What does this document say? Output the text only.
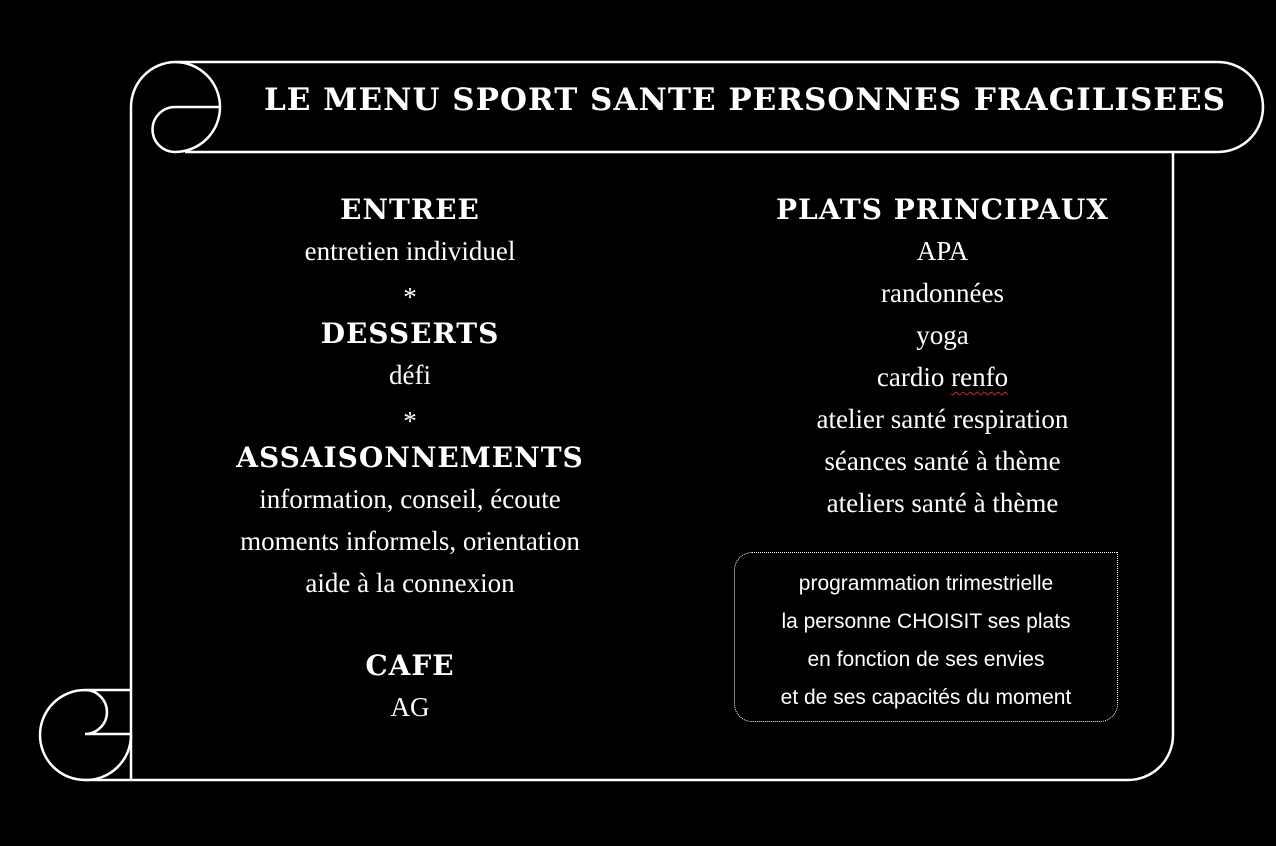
LE MENU SPORT SANTE PERSONNES FRAGILISEES
ENTREE
entretien individuel
*
DESSERTS
défi
*
ASSAISONNEMENTS
information, conseil, écoute
moments informels, orientation
aide à la connexion
CAFE
AG
PLATS PRINCIPAUX
APA
randonnées
yoga
cardio renfo
atelier santé respiration
séances santé à thème
ateliers santé à thème
programmation trimestrielle
la personne CHOISIT ses plats
en fonction de ses envies
et de ses capacités du moment
